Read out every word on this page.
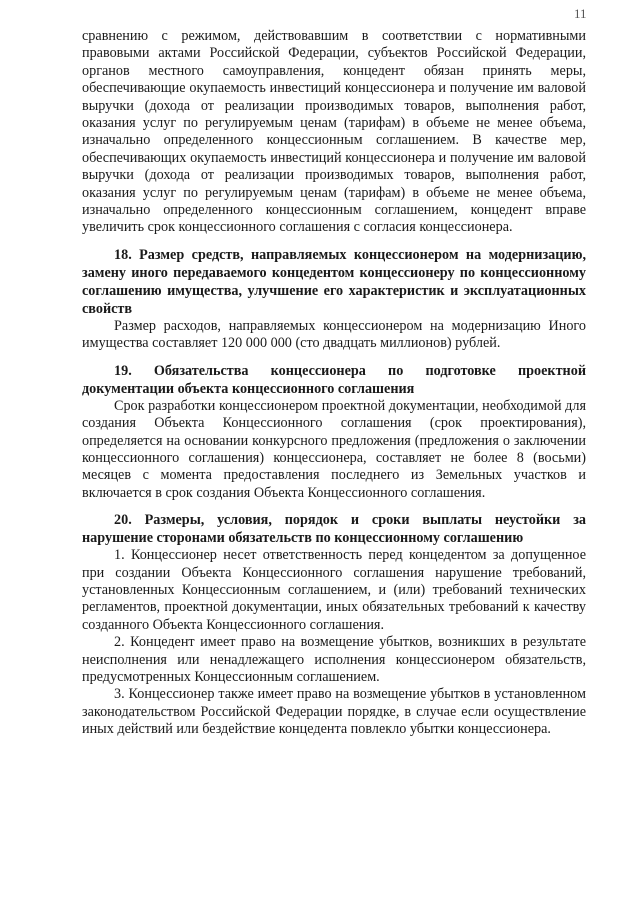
11

сравнению с режимом, действовавшим в соответствии с нормативными правовыми актами Российской Федерации, субъектов Российской Федерации, органов местного самоуправления, концедент обязан принять меры, обеспечивающие окупаемость инвестиций концессионера и получение им валовой выручки (дохода от реализации производимых товаров, выполнения работ, оказания услуг по регулируемым ценам (тарифам) в объеме не менее объема, изначально определенного концессионным соглашением. В качестве мер, обеспечивающих окупаемость инвестиций концессионера и получение им валовой выручки (дохода от реализации производимых товаров, выполнения работ, оказания услуг по регулируемым ценам (тарифам) в объеме не менее объема, изначально определенного концессионным соглашением, концедент вправе увеличить срок концессионного соглашения с согласия концессионера.

18. Размер средств, направляемых концессионером на модернизацию, замену иного передаваемого концедентом концессионеру по концессионному соглашению имущества, улучшение его характеристик и эксплуатационных свойств

Размер расходов, направляемых концессионером на модернизацию Иного имущества составляет 120 000 000 (сто двадцать миллионов) рублей.

19. Обязательства концессионера по подготовке проектной документации объекта концессионного соглашения

Срок разработки концессионером проектной документации, необходимой для создания Объекта Концессионного соглашения (срок проектирования), определяется на основании конкурсного предложения (предложения о заключении концессионного соглашения) концессионера, составляет не более 8 (восьми) месяцев с момента предоставления последнего из Земельных участков и включается в срок создания Объекта Концессионного соглашения.

20. Размеры, условия, порядок и сроки выплаты неустойки за нарушение сторонами обязательств по концессионному соглашению

1. Концессионер несет ответственность перед концедентом за допущенное при создании Объекта Концессионного соглашения нарушение требований, установленных Концессионным соглашением, и (или) требований технических регламентов, проектной документации, иных обязательных требований к качеству созданного Объекта Концессионного соглашения.

2. Концедент имеет право на возмещение убытков, возникших в результате неисполнения или ненадлежащего исполнения концессионером обязательств, предусмотренных Концессионным соглашением.

3. Концессионер также имеет право на возмещение убытков в установленном законодательством Российской Федерации порядке, в случае если осуществление иных действий или бездействие концедента повлекло убытки концессионера.
